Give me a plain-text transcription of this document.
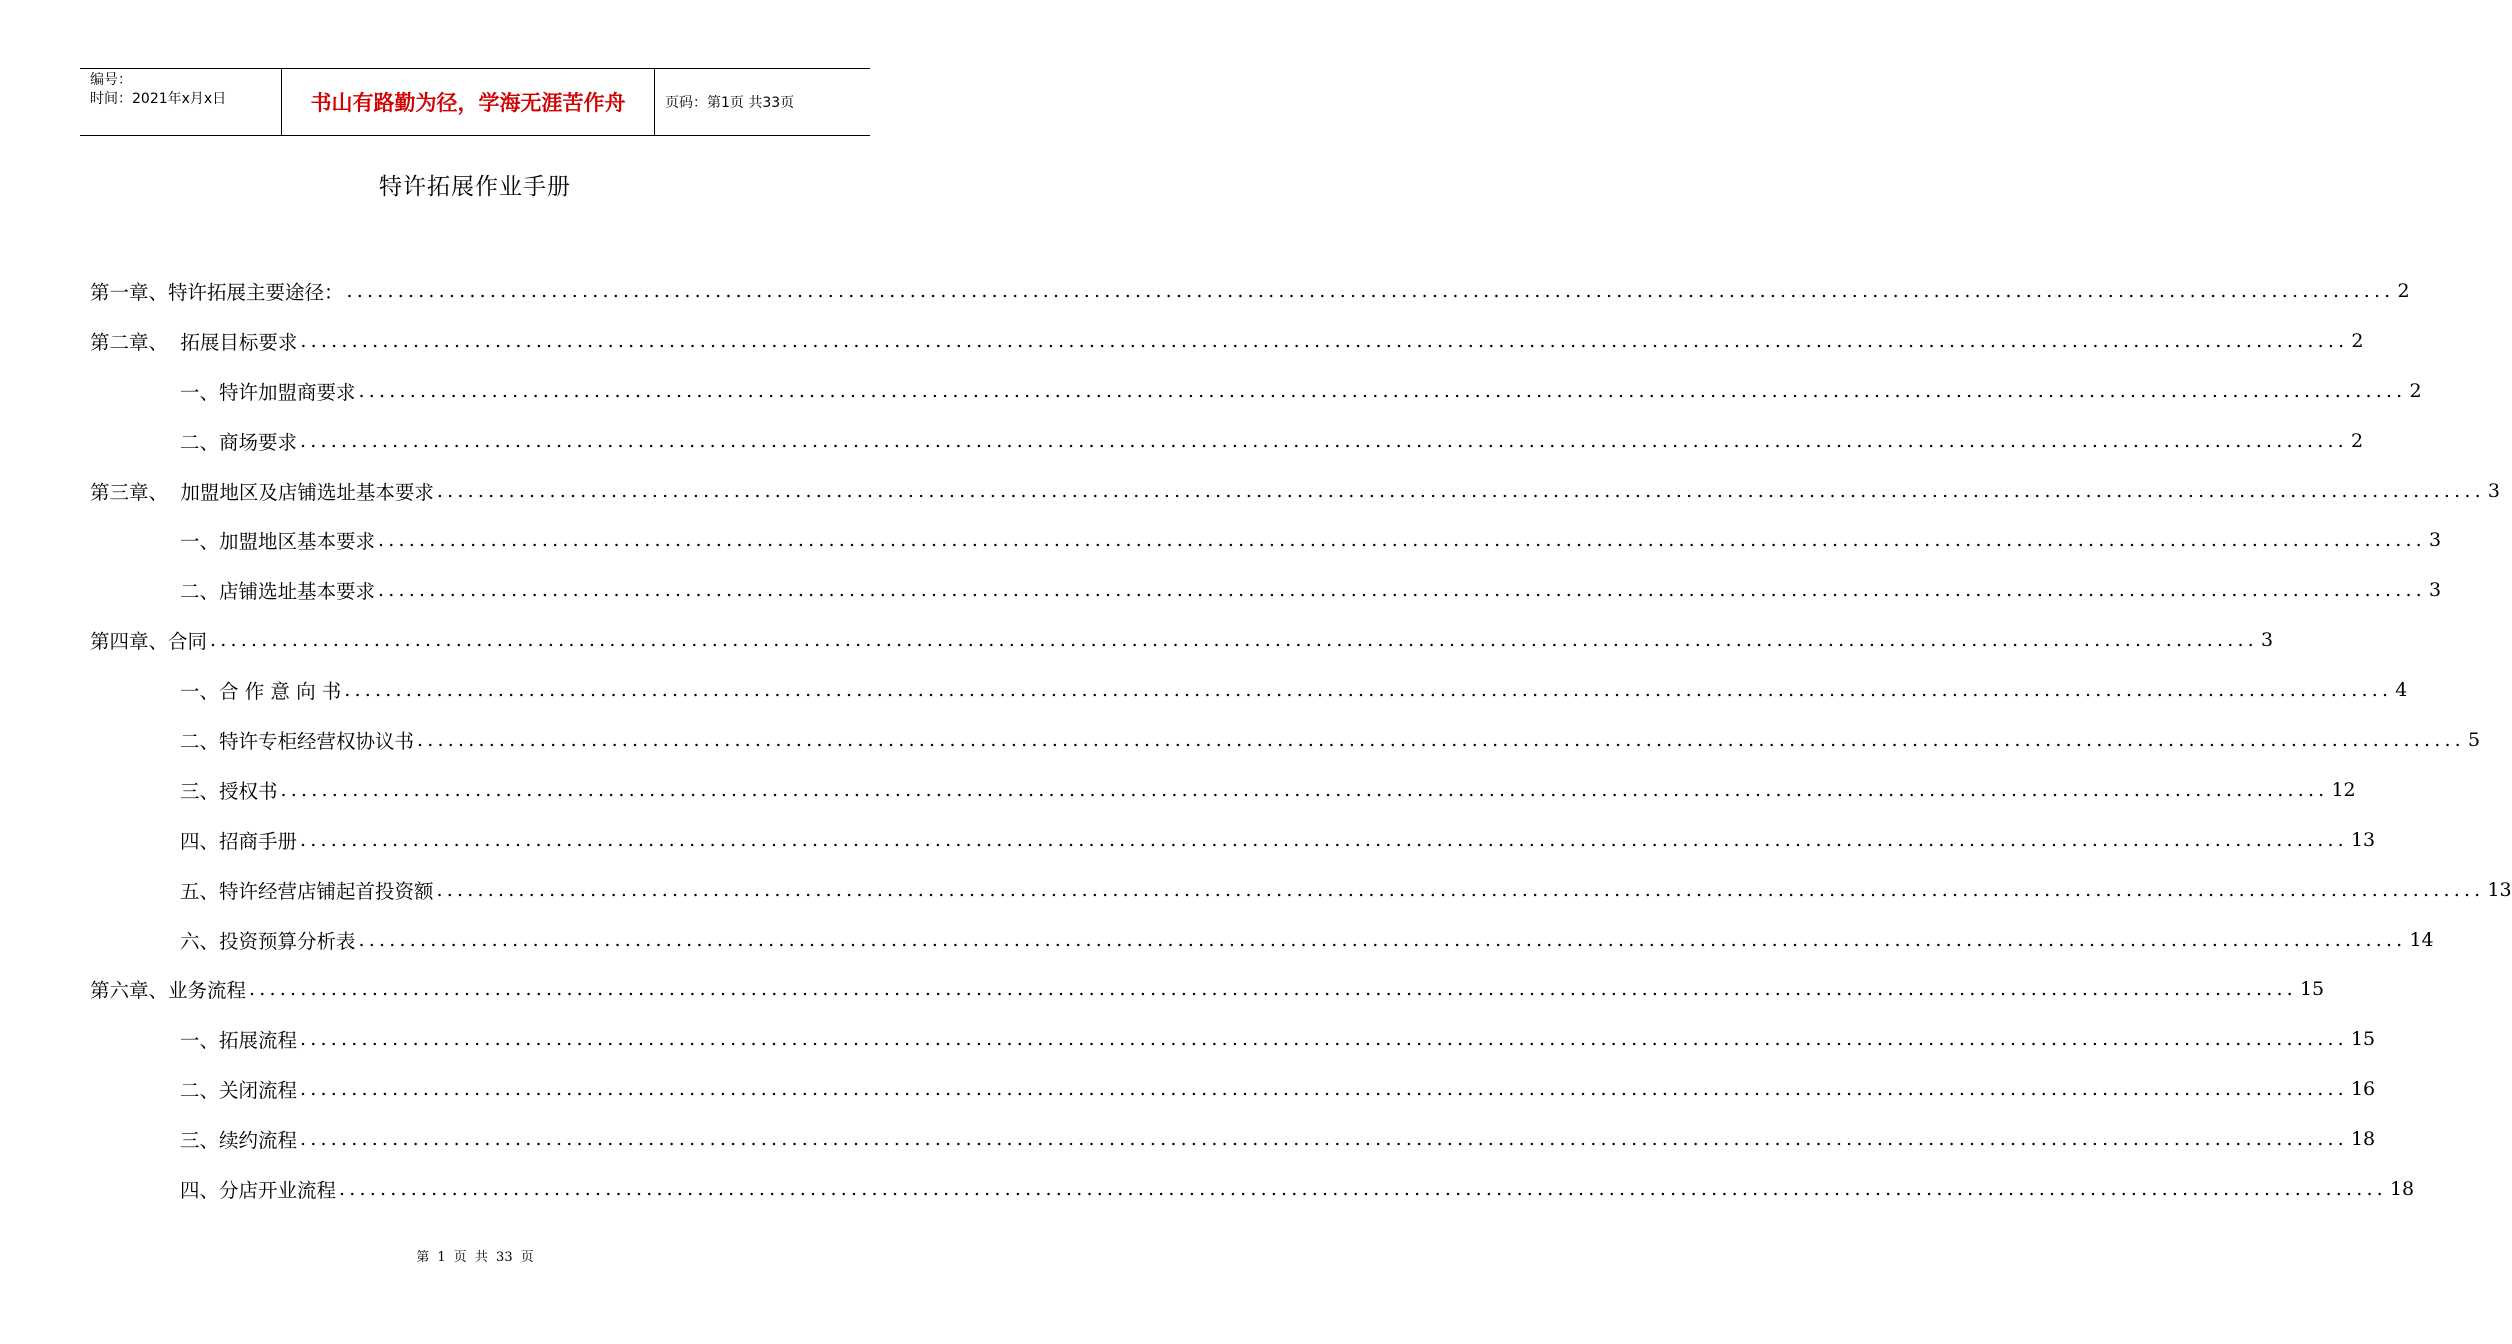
编号：
时间：2021年x月x日	书山有路勤为径，学海无涯苦作舟	页码：第1页 共33页
特许拓展作业手册
第一章、特许拓展主要途径： ........................................................................................................................................................................................................ 2
第二章、  拓展目标要求 ........................................................................................................................................................................................................ 2
一、特许加盟商要求 ........................................................................................................................................................................................................ 2
二、商场要求 ........................................................................................................................................................................................................ 2
第三章、  加盟地区及店铺选址基本要求 ........................................................................................................................................................................................................ 3
一、加盟地区基本要求 ........................................................................................................................................................................................................ 3
二、店铺选址基本要求 ........................................................................................................................................................................................................ 3
第四章、合同 ........................................................................................................................................................................................................ 3
一、合 作 意 向 书 ........................................................................................................................................................................................................ 4
二、特许专柜经营权协议书 ........................................................................................................................................................................................................ 5
三、授权书 ........................................................................................................................................................................................................ 12
四、招商手册 ........................................................................................................................................................................................................ 13
五、特许经营店铺起首投资额 ........................................................................................................................................................................................................ 13
六、投资预算分析表 ........................................................................................................................................................................................................ 14
第六章、业务流程 ........................................................................................................................................................................................................ 15
一、拓展流程 ........................................................................................................................................................................................................ 15
二、关闭流程 ........................................................................................................................................................................................................ 16
三、续约流程 ........................................................................................................................................................................................................ 18
四、分店开业流程 ........................................................................................................................................................................................................ 18
第 1 页 共 33 页
